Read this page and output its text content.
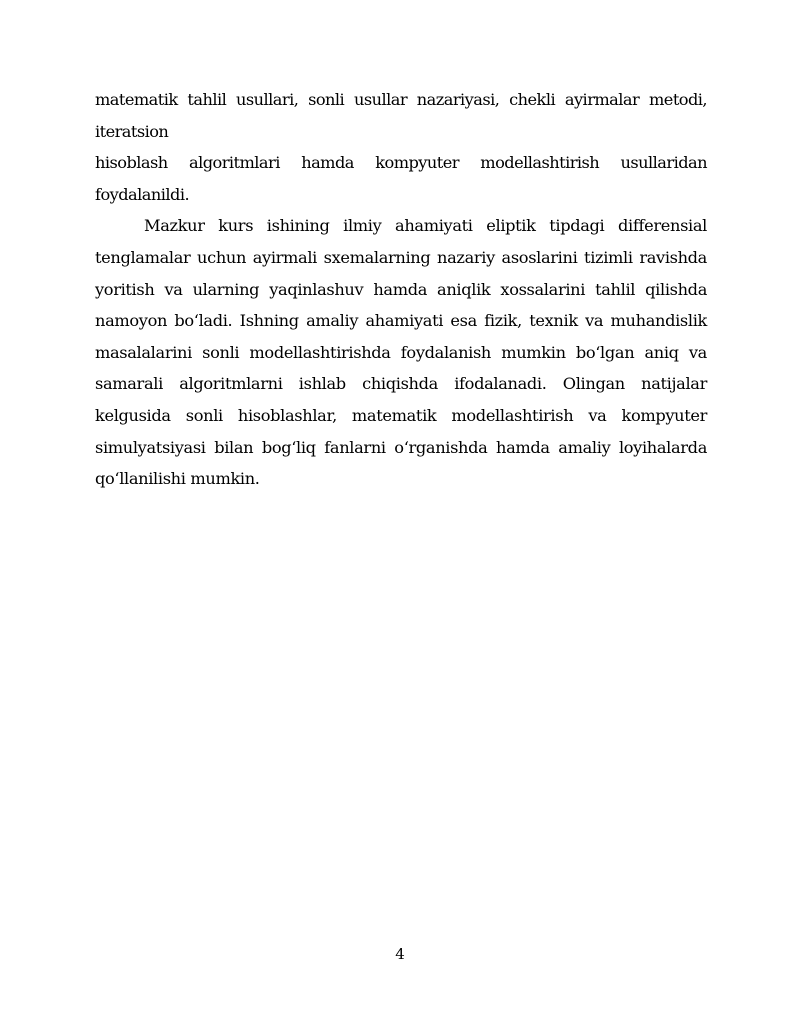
matematik tahlil usullari, sonli usullar nazariyasi, chekli ayirmalar metodi, iteratsion
hisoblash algoritmlari hamda kompyuter modellashtirish usullaridan foydalanildi.

Mazkur kurs ishining ilmiy ahamiyati eliptik tipdagi differensial tenglamalar uchun ayirmali sxemalarning nazariy asoslarini tizimli ravishda yoritish va ularning yaqinlashuv hamda aniqlik xossalarini tahlil qilishda namoyon bo‘ladi. Ishning amaliy ahamiyati esa fizik, texnik va muhandislik masalalarini sonli modellashtirishda foydalanish mumkin bo‘lgan aniq va samarali algoritmlarni ishlab chiqishda ifodalanadi. Olingan natijalar kelgusida sonli hisoblashlar, matematik modellashtirish va kompyuter simulyatsiyasi bilan bog‘liq fanlarni o‘rganishda hamda amaliy loyihalarda qo‘llanilishi mumkin.

4
